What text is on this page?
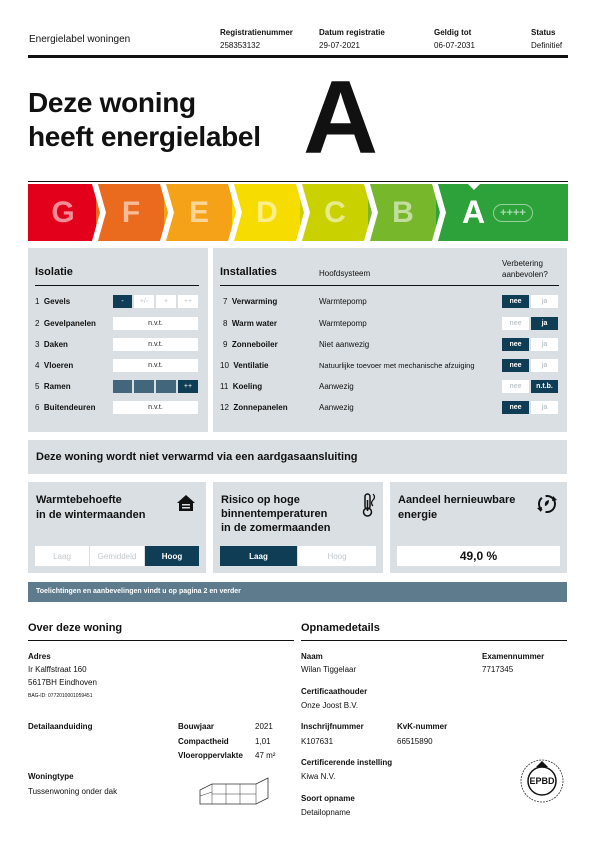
Energielabel woningen
Registratienummer
258353132
Datum registratie
29-07-2021
Geldig tot
06-07-2031
Status
Definitief
Deze woning
heeft energielabel A
G F E D C B A	++++
Isolatie
1 Gevels	-	+/-	+	++
2 Gevelpanelen	n.v.t.
3 Daken	n.v.t.
4 Vloeren	n.v.t.
5 Ramen	++
6 Buitendeuren	n.v.t.
Installaties	Hoofdsysteem
Verbetering
aanbevolen?
7 Verwarming	Warmtepomp	nee	ja
8 Warm water	Warmtepomp	nee	ja
9 Zonneboiler	Niet aanwezig	nee	ja
10 Ventilatie	Natuurlijke toevoer met mechanische afzuiging	nee	ja
11 Koeling	Aanwezig	nee	n.t.b.
12 Zonnepanelen	Aanwezig	nee	ja
Deze woning wordt niet verwarmd via een aardgasaansluiting
Warmtebehoefte
in de wintermaanden
Laag	Gemiddeld	Hoog
Risico op hoge
binnentemperaturen
in de zomermaanden
Laag	Hoog
Aandeel hernieuwbare
energie
49,0 %
Toelichtingen en aanbevelingen vindt u op pagina 2 en verder
Over deze woning
Adres
Ir Kalffstraat 160
5617BH Eindhoven
BAG-ID: 0772010001059451
Detailaanduiding	Bouwjaar	2021
Compactheid	1,01
Vloeroppervlakte 47 m²
Woningtype
Tussenwoning onder dak
Opnamedetails
Naam
Wilan Tiggelaar
Examennummer
7717345
Certificaathouder
Onze Joost B.V.
Inschrijfnummer
K107631
KvK-nummer
66515890
Certificerende instelling
Kiwa N.V.
Soort opname
Detailopname
EPBD
